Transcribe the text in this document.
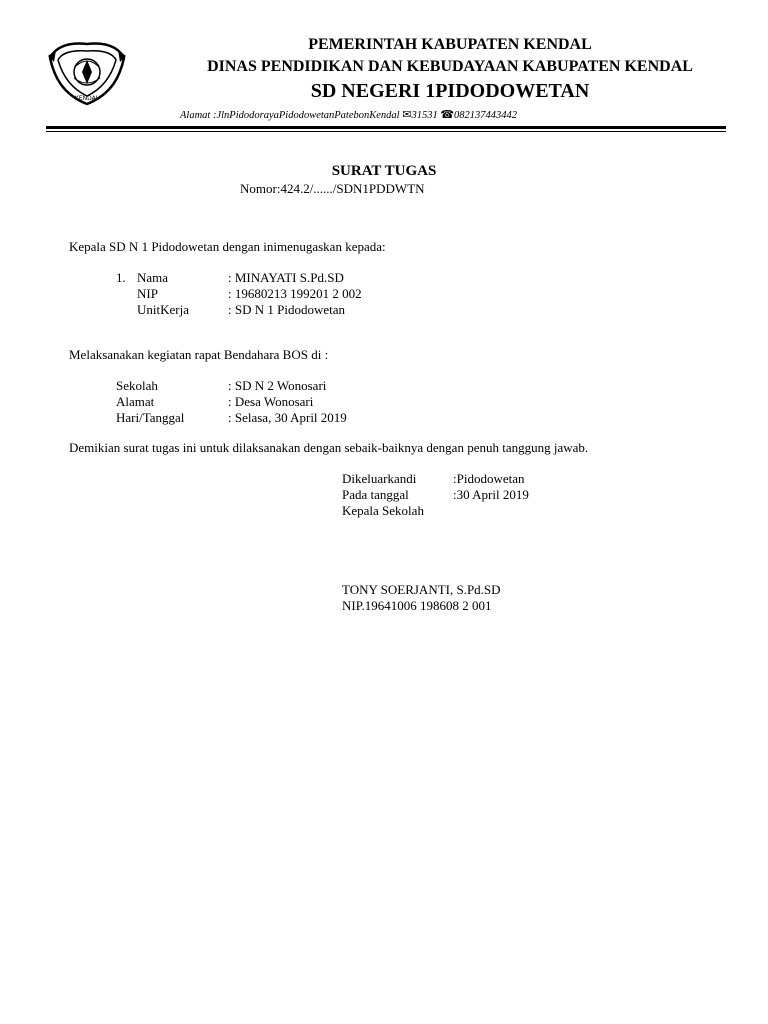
KENDAL
PEMERINTAH KABUPATEN KENDAL
DINAS PENDIDIKAN DAN KEBUDAYAAN KABUPATEN KENDAL
SD NEGERI 1PIDODOWETAN
Alamat :JlnPidodorayaPidodowetanPatebonKendal ✉31531 ☎082137443442
SURAT TUGAS
Nomor:424.2/....../SDN1PDDWTN
Kepala SD N 1 Pidodowetan dengan inimenugaskan kepada:
1. Nama	: MINAYATI S.Pd.SD
NIP	: 19680213 199201 2 002
UnitKerja	: SD N 1 Pidodowetan
Melaksanakan kegiatan rapat Bendahara BOS di :
Sekolah	: SD N 2 Wonosari
Alamat	: Desa Wonosari
Hari/Tanggal	: Selasa, 30 April 2019
Demikian surat tugas ini untuk dilaksanakan dengan sebaik-baiknya dengan penuh tanggung jawab.
Dikeluarkandi	:Pidodowetan
Pada tanggal	:30 April 2019
Kepala Sekolah
TONY SOERJANTI, S.Pd.SD
NIP.19641006 198608 2 001
